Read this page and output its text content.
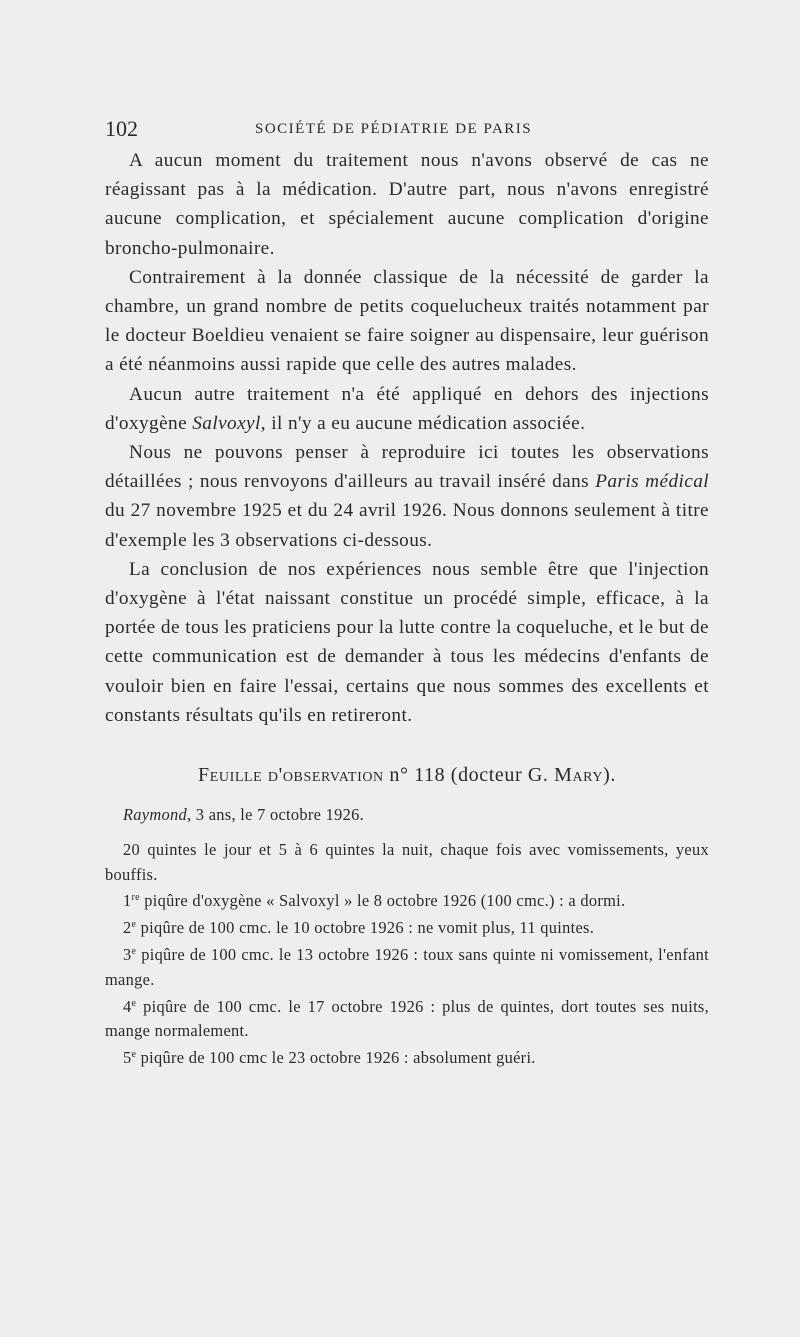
102	SOCIÉTÉ DE PÉDIATRIE DE PARIS

A aucun moment du traitement nous n'avons observé de cas ne réagissant pas à la médication. D'autre part, nous n'avons enregistré aucune complication, et spécialement aucune complication d'origine broncho-pulmonaire.

Contrairement à la donnée classique de la nécessité de garder la chambre, un grand nombre de petits coquelucheux traités notamment par le docteur Boeldieu venaient se faire soigner au dispensaire, leur guérison a été néanmoins aussi rapide que celle des autres malades.

Aucun autre traitement n'a été appliqué en dehors des injections d'oxygène Salvoxyl, il n'y a eu aucune médication associée.

Nous ne pouvons penser à reproduire ici toutes les observations détaillées ; nous renvoyons d'ailleurs au travail inséré dans Paris médical du 27 novembre 1925 et du 24 avril 1926. Nous donnons seulement à titre d'exemple les 3 observations ci-dessous.

La conclusion de nos expériences nous semble être que l'injection d'oxygène à l'état naissant constitue un procédé simple, efficace, à la portée de tous les praticiens pour la lutte contre la coqueluche, et le but de cette communication est de demander à tous les médecins d'enfants de vouloir bien en faire l'essai, certains que nous sommes des excellents et constants résultats qu'ils en retireront.

Feuille d'observation n° 118 (docteur G. Mary).

Raymond, 3 ans, le 7 octobre 1926.

20 quintes le jour et 5 à 6 quintes la nuit, chaque fois avec vomissements, yeux bouffis.

1re piqûre d'oxygène « Salvoxyl » le 8 octobre 1926 (100 cmc.) : a dormi.

2e piqûre de 100 cmc. le 10 octobre 1926 : ne vomit plus, 11 quintes.

3e piqûre de 100 cmc. le 13 octobre 1926 : toux sans quinte ni vomissement, l'enfant mange.

4e piqûre de 100 cmc. le 17 octobre 1926 : plus de quintes, dort toutes ses nuits, mange normalement.

5e piqûre de 100 cmc le 23 octobre 1926 : absolument guéri.
